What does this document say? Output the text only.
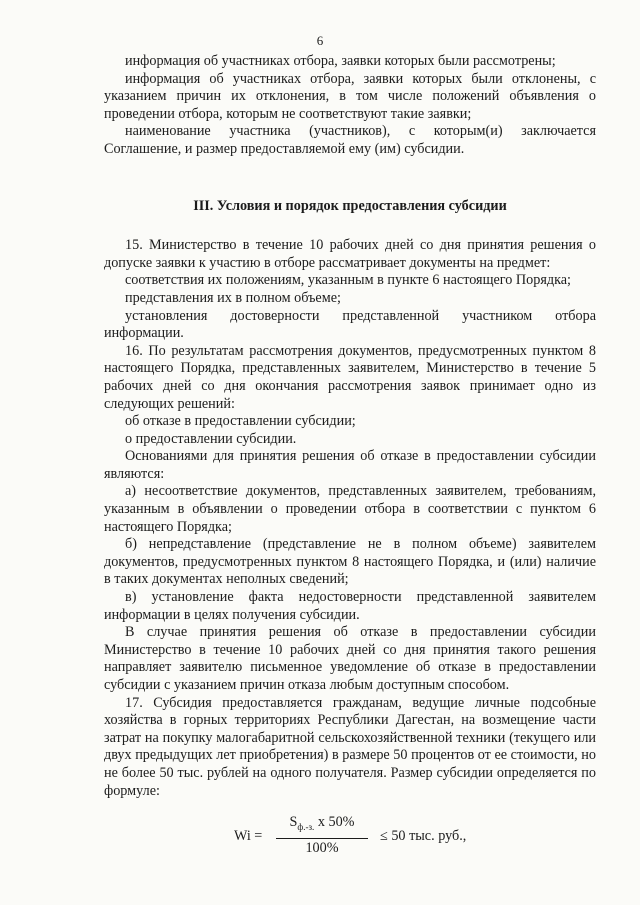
6

информация об участниках отбора, заявки которых были рассмотрены;

информация об участниках отбора, заявки которых были отклонены, с указанием причин их отклонения, в том числе положений объявления о проведении отбора, которым не соответствуют такие заявки;

наименование участника (участников), с которым(и) заключается Соглашение, и размер предоставляемой ему (им) субсидии.

III. Условия и порядок предоставления субсидии

15. Министерство в течение 10 рабочих дней со дня принятия решения о допуске заявки к участию в отборе рассматривает документы на предмет:

соответствия их положениям, указанным в пункте 6 настоящего Порядка;

представления их в полном объеме;

установления достоверности представленной участником отбора информации.

16. По результатам рассмотрения документов, предусмотренных пунктом 8 настоящего Порядка, представленных заявителем, Министерство в течение 5 рабочих дней со дня окончания рассмотрения заявок принимает одно из следующих решений:

об отказе в предоставлении субсидии;

о предоставлении субсидии.

Основаниями для принятия решения об отказе в предоставлении субсидии являются:

а) несоответствие документов, представленных заявителем, требованиям, указанным в объявлении о проведении отбора в соответствии с пунктом 6 настоящего Порядка;

б) непредставление (представление не в полном объеме) заявителем документов, предусмотренных пунктом 8 настоящего Порядка, и (или) наличие в таких документах неполных сведений;

в) установление факта недостоверности представленной заявителем информации в целях получения субсидии.

В случае принятия решения об отказе в предоставлении субсидии Министерство в течение 10 рабочих дней со дня принятия такого решения направляет заявителю письменное уведомление об отказе в предоставлении субсидии с указанием причин отказа любым доступным способом.

17. Субсидия предоставляется гражданам, ведущие личные подсобные хозяйства в горных территориях Республики Дагестан, на возмещение части затрат на покупку малогабаритной сельскохозяйственной техники (текущего или двух предыдущих лет приобретения) в размере 50 процентов от ее стоимости, но не более 50 тыс. рублей на одного получателя. Размер субсидии определяется по формуле:

Wi =
$S_{ф.-з.}$ x 50%
100%
≤ 50 тыс. руб.,
